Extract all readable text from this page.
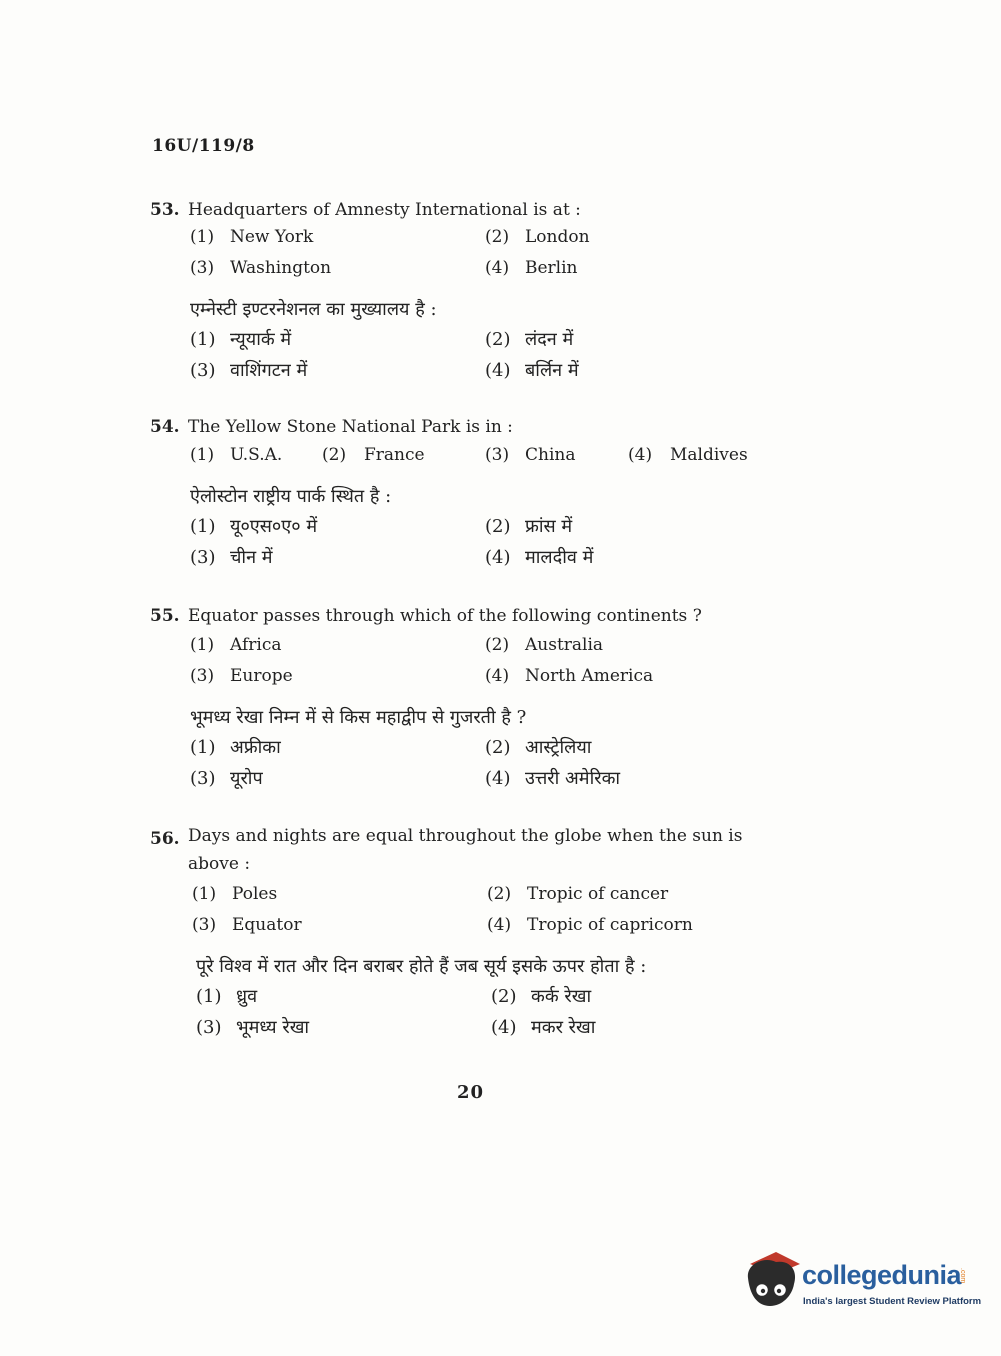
16U/119/8
53. Headquarters of Amnesty International is at :
(1) New York	(2) London
(3) Washington	(4) Berlin
एम्नेस्टी इण्टरनेशनल का मुख्यालय है :
(1) न्यूयार्क में	(2) लंदन में
(3) वाशिंगटन में	(4) बर्लिन में
54. The Yellow Stone National Park is in :
(1) U.S.A. (2) France	(3) China	(4) Maldives
ऐलोस्टोन राष्ट्रीय पार्क स्थित है :
(1) यू०एस०ए० में	(2) फ्रांस में
(3) चीन में	(4) मालदीव में
55. Equator passes through which of the following continents ?
(1) Africa	(2) Australia
(3) Europe	(4) North America
भूमध्य रेखा निम्न में से किस महाद्वीप से गुजरती है ?
(1) अफ्रीका	(2) आस्ट्रेलिया
(3) यूरोप	(4) उत्तरी अमेरिका
56. Days and nights are equal throughout the globe when the sun is above :
(1) Poles	(2) Tropic of cancer
(3) Equator	(4) Tropic of capricorn
पूरे विश्व में रात और दिन बराबर होते हैं जब सूर्य इसके ऊपर होता है :
(1) ध्रुव	(2) कर्क रेखा
(3) भूमध्य रेखा	(4) मकर रेखा
20
collegedunia
.com
India's largest Student Review Platform
